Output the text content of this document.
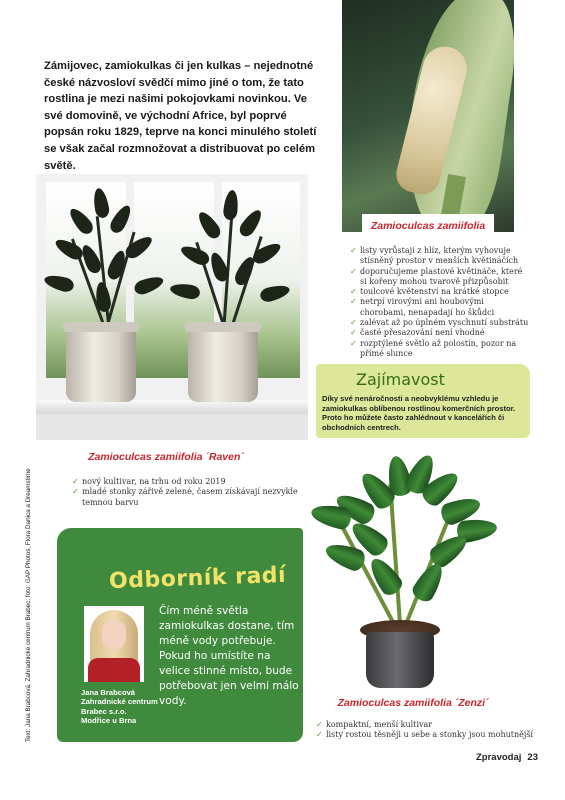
Zámijovec, zamiokulkas či jen kulkas – nejednotné české názvosloví svědčí mimo jiné o tom, že tato rostlina je mezi našimi pokojovkami novinkou. Ve své domovině, ve východní Africe, byl poprvé popsán roku 1829, teprve na konci minulého století se však začal rozmnožovat a distribuovat po celém světě.

Zamioculcas zamiifolia
✓ listy vyrůstají z hlíz, kterým vyhovuje stísněný prostor v menších květináčích
✓ doporučujeme plastové květináče, které si kořeny mohou tvarově přizpůsobit
✓ toulcové květenství na krátké stopce
✓ netrpí virovými ani houbovými chorobami, nenapadají ho škůdci
✓ zalévat až po úplném vyschnutí substrátu
✓ časté přesazování není vhodné
✓ rozptýlené světlo až polostín, pozor na přímé slunce
Zamioculcas zamiifolia ´Raven´
✓ nový kultivar, na trhu od roku 2019
✓ mladé stonky zářivě zelené, časem získávají nezvykle temnou barvu
Text: Jana Brabcová, Zahradnické centrum Brabec; foto: GAP Photos, Flora Danica a Dreamstime
Zajímavost

Díky své nenáročnosti a neobvyklému vzhledu je zamiokulkas oblíbenou rostlinou komerčních prostor. Proto ho můžete často zahlédnout v kancelářích či obchodních centrech.

Zamioculcas zamiifolia ´Zenzi´
✓ kompaktní, menší kultivar
✓ listy rostou těsněji u sebe a stonky jsou mohutnější
Odborník radí
Jana Brabcová
Zahradnické centrum
Brabec s.r.o.
Modřice u Brna

Čím méně světla zamiokulkas dostane, tím méně vody potřebuje. Pokud ho umístíte na velice stinné místo, bude potřebovat jen velmi málo vody.

Zpravodaj 23
